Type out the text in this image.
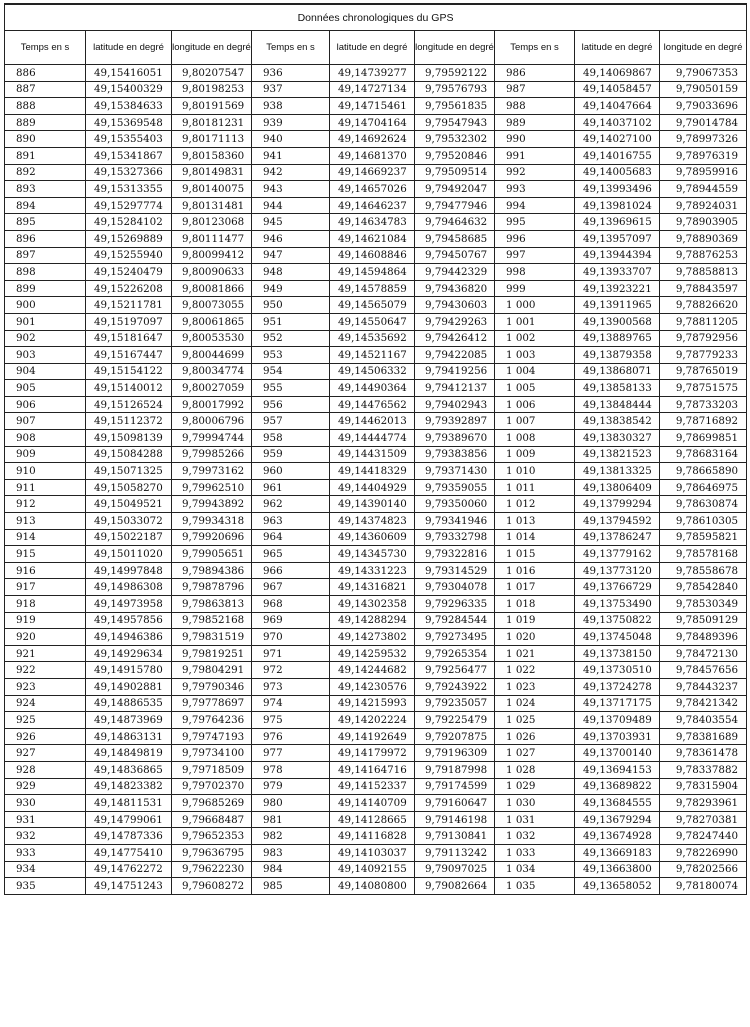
Données chronologiques du GPS								
Temps en s	latitude en degré	longitude en degré	Temps en s	latitude en degré	longitude en degré	Temps en s	latitude en degré	longitude en degré
886	49,15416051	9,80207547	936	49,14739277	9,79592122	986	49,14069867	9,79067353
887	49,15400329	9,80198253	937	49,14727134	9,79576793	987	49,14058457	9,79050159
888	49,15384633	9,80191569	938	49,14715461	9,79561835	988	49,14047664	9,79033696
889	49,15369548	9,80181231	939	49,14704164	9,79547943	989	49,14037102	9,79014784
890	49,15355403	9,80171113	940	49,14692624	9,79532302	990	49,14027100	9,78997326
891	49,15341867	9,80158360	941	49,14681370	9,79520846	991	49,14016755	9,78976319
892	49,15327366	9,80149831	942	49,14669237	9,79509514	992	49,14005683	9,78959916
893	49,15313355	9,80140075	943	49,14657026	9,79492047	993	49,13993496	9,78944559
894	49,15297774	9,80131481	944	49,14646237	9,79477946	994	49,13981024	9,78924031
895	49,15284102	9,80123068	945	49,14634783	9,79464632	995	49,13969615	9,78903905
896	49,15269889	9,80111477	946	49,14621084	9,79458685	996	49,13957097	9,78890369
897	49,15255940	9,80099412	947	49,14608846	9,79450767	997	49,13944394	9,78876253
898	49,15240479	9,80090633	948	49,14594864	9,79442329	998	49,13933707	9,78858813
899	49,15226208	9,80081866	949	49,14578859	9,79436820	999	49,13923221	9,78843597
900	49,15211781	9,80073055	950	49,14565079	9,79430603	1 000	49,13911965	9,78826620
901	49,15197097	9,80061865	951	49,14550647	9,79429263	1 001	49,13900568	9,78811205
902	49,15181647	9,80053530	952	49,14535692	9,79426412	1 002	49,13889765	9,78792956
903	49,15167447	9,80044699	953	49,14521167	9,79422085	1 003	49,13879358	9,78779233
904	49,15154122	9,80034774	954	49,14506332	9,79419256	1 004	49,13868071	9,78765019
905	49,15140012	9,80027059	955	49,14490364	9,79412137	1 005	49,13858133	9,78751575
906	49,15126524	9,80017992	956	49,14476562	9,79402943	1 006	49,13848444	9,78733203
907	49,15112372	9,80006796	957	49,14462013	9,79392897	1 007	49,13838542	9,78716892
908	49,15098139	9,79994744	958	49,14444774	9,79389670	1 008	49,13830327	9,78699851
909	49,15084288	9,79985266	959	49,14431509	9,79383856	1 009	49,13821523	9,78683164
910	49,15071325	9,79973162	960	49,14418329	9,79371430	1 010	49,13813325	9,78665890
911	49,15058270	9,79962510	961	49,14404929	9,79359055	1 011	49,13806409	9,78646975
912	49,15049521	9,79943892	962	49,14390140	9,79350060	1 012	49,13799294	9,78630874
913	49,15033072	9,79934318	963	49,14374823	9,79341946	1 013	49,13794592	9,78610305
914	49,15022187	9,79920696	964	49,14360609	9,79332798	1 014	49,13786247	9,78595821
915	49,15011020	9,79905651	965	49,14345730	9,79322816	1 015	49,13779162	9,78578168
916	49,14997848	9,79894386	966	49,14331223	9,79314529	1 016	49,13773120	9,78558678
917	49,14986308	9,79878796	967	49,14316821	9,79304078	1 017	49,13766729	9,78542840
918	49,14973958	9,79863813	968	49,14302358	9,79296335	1 018	49,13753490	9,78530349
919	49,14957856	9,79852168	969	49,14288294	9,79284544	1 019	49,13750822	9,78509129
920	49,14946386	9,79831519	970	49,14273802	9,79273495	1 020	49,13745048	9,78489396
921	49,14929634	9,79819251	971	49,14259532	9,79265354	1 021	49,13738150	9,78472130
922	49,14915780	9,79804291	972	49,14244682	9,79256477	1 022	49,13730510	9,78457656
923	49,14902881	9,79790346	973	49,14230576	9,79243922	1 023	49,13724278	9,78443237
924	49,14886535	9,79778697	974	49,14215993	9,79235057	1 024	49,13717175	9,78421342
925	49,14873969	9,79764236	975	49,14202224	9,79225479	1 025	49,13709489	9,78403554
926	49,14863131	9,79747193	976	49,14192649	9,79207875	1 026	49,13703931	9,78381689
927	49,14849819	9,79734100	977	49,14179972	9,79196309	1 027	49,13700140	9,78361478
928	49,14836865	9,79718509	978	49,14164716	9,79187998	1 028	49,13694153	9,78337882
929	49,14823382	9,79702370	979	49,14152337	9,79174599	1 029	49,13689822	9,78315904
930	49,14811531	9,79685269	980	49,14140709	9,79160647	1 030	49,13684555	9,78293961
931	49,14799061	9,79668487	981	49,14128665	9,79146198	1 031	49,13679294	9,78270381
932	49,14787336	9,79652353	982	49,14116828	9,79130841	1 032	49,13674928	9,78247440
933	49,14775410	9,79636795	983	49,14103037	9,79113242	1 033	49,13669183	9,78226990
934	49,14762272	9,79622230	984	49,14092155	9,79097025	1 034	49,13663800	9,78202566
935	49,14751243	9,79608272	985	49,14080800	9,79082664	1 035	49,13658052	9,78180074
